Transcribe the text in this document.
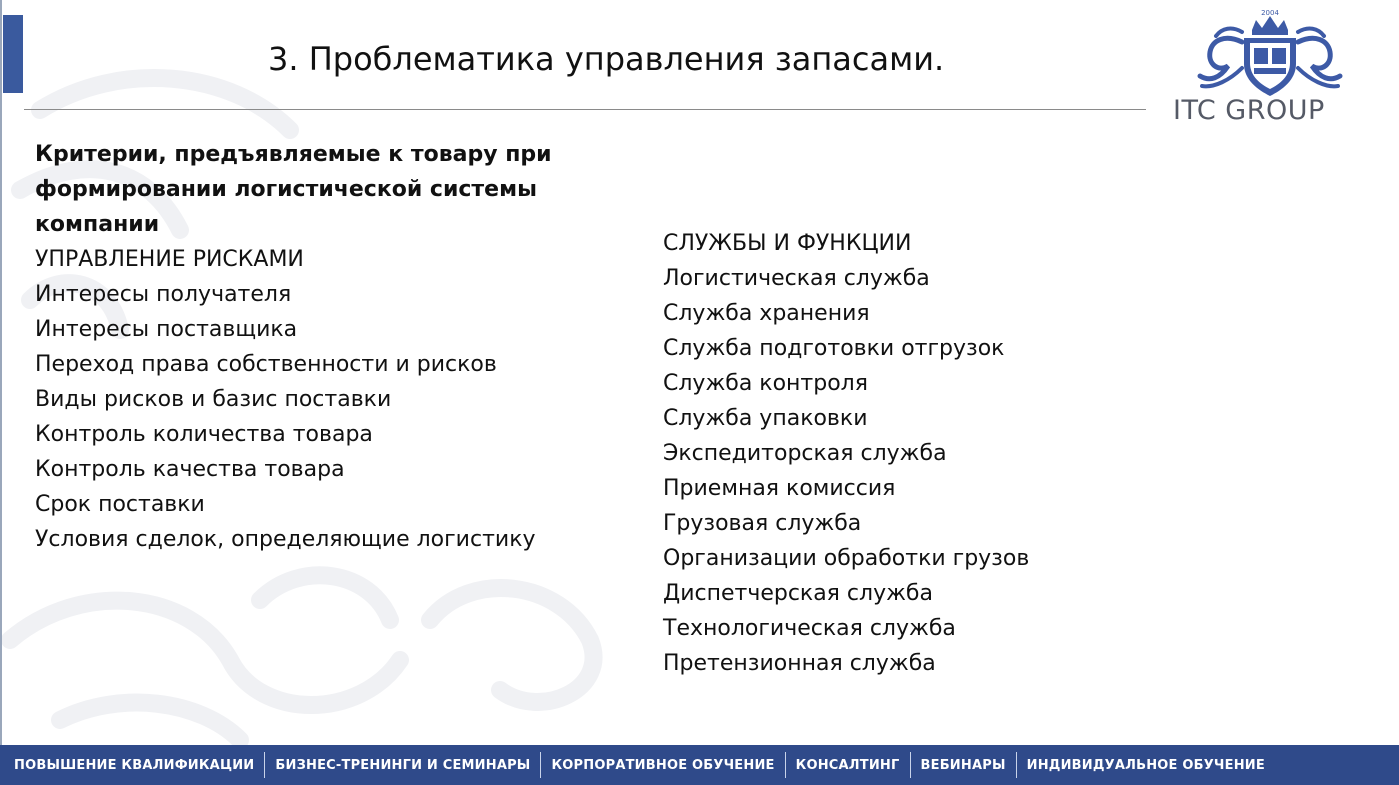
3. Проблематика управления запасами.
2004
ITC GROUP
Критерии, предъявляемые к товару при
формировании логистической системы
компании
УПРАВЛЕНИЕ РИСКАМИ
Интересы получателя
Интересы поставщика
Переход права собственности и рисков
Виды рисков и базис поставки
Контроль количества товара
Контроль качества товара
Срок поставки
Условия сделок, определяющие логистику
СЛУЖБЫ И ФУНКЦИИ
Логистическая служба
Служба хранения
Служба подготовки отгрузок
Служба контроля
Служба упаковки
Экспедиторская служба
Приемная комиссия
Грузовая служба
Организации обработки грузов
Диспетчерская служба
Технологическая служба
Претензионная служба
ПОВЫШЕНИЕ КВАЛИФИКАЦИИ БИЗНЕС-ТРЕНИНГИ И СЕМИНАРЫ КОРПОРАТИВНОЕ ОБУЧЕНИЕ КОНСАЛТИНГ ВЕБИНАРЫ ИНДИВИДУАЛЬНОЕ ОБУЧЕНИЕ
